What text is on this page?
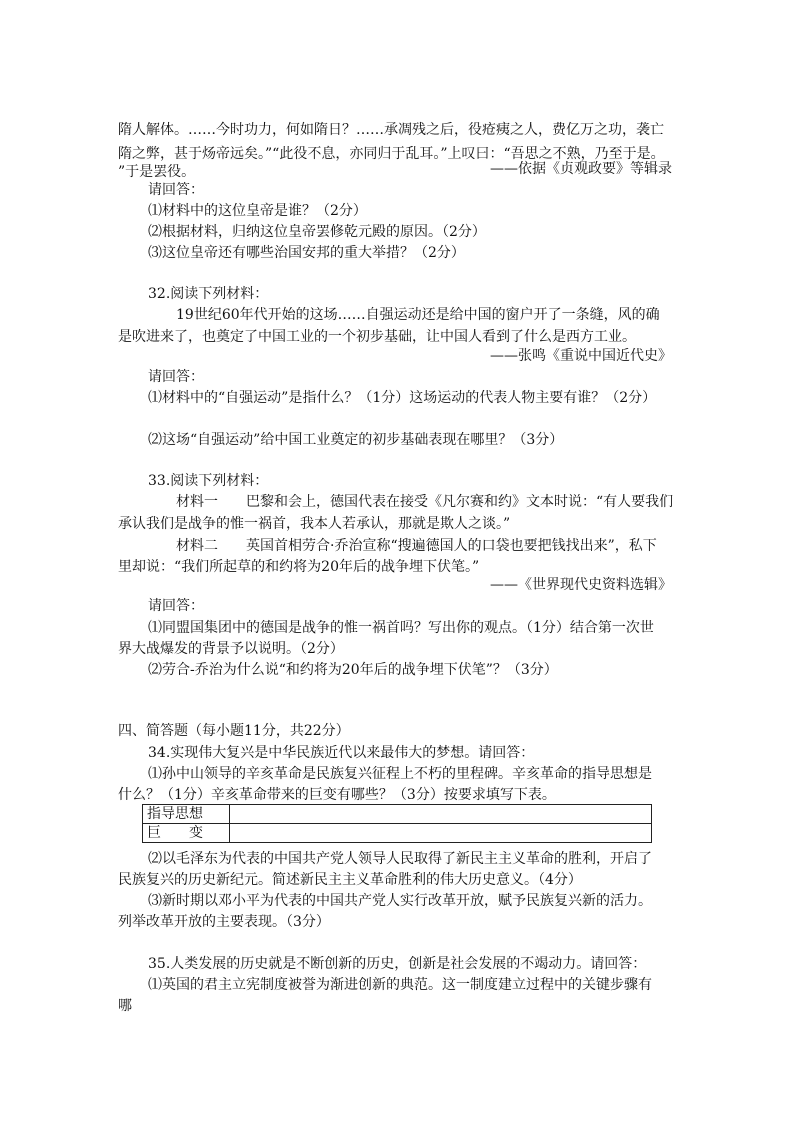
隋人解体。……今时功力，何如隋日？……承凋残之后，役疮痍之人，费亿万之功，袭亡
隋之弊，甚于炀帝远矣。”“此役不息，亦同归于乱耳。”上叹曰：“吾思之不熟，乃至于是。
”于是罢役。	——依据《贞观政要》等辑录
请回答：
⑴材料中的这位皇帝是谁？（2分）
⑵根据材料，归纳这位皇帝罢修乾元殿的原因。（2分）
⑶这位皇帝还有哪些治国安邦的重大举措？（2分）
32.阅读下列材料：
19世纪60年代开始的这场……自强运动还是给中国的窗户开了一条缝，风的确
是吹进来了，也奠定了中国工业的一个初步基础，让中国人看到了什么是西方工业。
——张鸣《重说中国近代史》
请回答：
⑴材料中的“自强运动”是指什么？（1分）这场运动的代表人物主要有谁？（2分）
⑵这场“自强运动”给中国工业奠定的初步基础表现在哪里？（3分）
33.阅读下列材料：
材料一　　巴黎和会上，德国代表在接受《凡尔赛和约》文本时说：“有人要我们
承认我们是战争的惟一祸首，我本人若承认，那就是欺人之谈。”
材料二　　英国首相劳合·乔治宣称“搜遍德国人的口袋也要把钱找出来”，私下
里却说：“我们所起草的和约将为20年后的战争埋下伏笔。”
——《世界现代史资料选辑》
请回答：
⑴同盟国集团中的德国是战争的惟一祸首吗？写出你的观点。（1分）结合第一次世
界大战爆发的背景予以说明。（2分）
⑵劳合-乔治为什么说“和约将为20年后的战争埋下伏笔”？（3分）
四、简答题（每小题11分，共22分）
34.实现伟大复兴是中华民族近代以来最伟大的梦想。请回答：
⑴孙中山领导的辛亥革命是民族复兴征程上不朽的里程碑。辛亥革命的指导思想是
什么？（1分）辛亥革命带来的巨变有哪些？（3分）按要求填写下表。
指导思想	
巨　　变	
⑵以毛泽东为代表的中国共产党人领导人民取得了新民主主义革命的胜利，开启了
民族复兴的历史新纪元。简述新民主主义革命胜利的伟大历史意义。（4分）
⑶新时期以邓小平为代表的中国共产党人实行改革开放，赋予民族复兴新的活力。
列举改革开放的主要表现。（3分）
35.人类发展的历史就是不断创新的历史，创新是社会发展的不竭动力。请回答：
⑴英国的君主立宪制度被誉为渐进创新的典范。这一制度建立过程中的关键步骤有
哪
